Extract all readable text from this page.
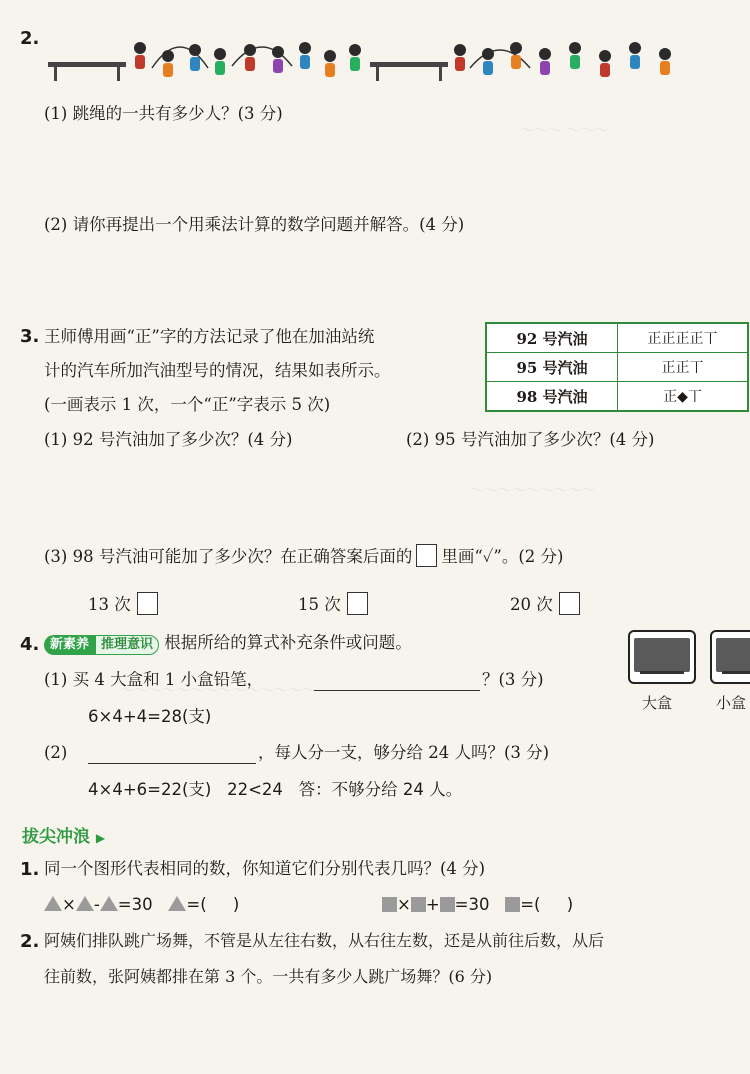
～～～ ～～～
～～～～～～～～～
～～～～～～～～～～～～～～
2.
(1) 跳绳的一共有多少人？(3 分)
(2) 请你再提出一个用乘法计算的数学问题并解答。(4 分)
3. 王师傅用画“正”字的方法记录了他在加油站统
计的汽车所加汽油型号的情况，结果如表所示。
(一画表示 1 次，一个“正”字表示 5 次)
92 号汽油	正正正正丅
95 号汽油	正正丅
98 号汽油	正◆丅
(1) 92 号汽油加了多少次？(4 分)	(2) 95 号汽油加了多少次？(4 分)
(3) 98 号汽油可能加了多少次？在正确答案后面的 里画“✓”。(2 分)
13 次	15 次	20 次
4. 新素养 推理意识 根据所给的算式补充条件或问题。
(1) 买 4 大盒和 1 小盒铅笔，	？(3 分)
6×4+4=28(支)
(2)	，每人分一支，够分给 24 人吗？(3 分)
4×4+6=22(支)   22<24   答：不够分给 24 人。
大盒	小盒
拔尖冲浪 ▶
1. 同一个图形代表相同的数，你知道它们分别代表几吗？(4 分)
× - =30 =(     )	× + =30 =(     )
2. 阿姨们排队跳广场舞，不管是从左往右数，从右往左数，还是从前往后数，从后
往前数，张阿姨都排在第 3 个。一共有多少人跳广场舞？(6 分)
